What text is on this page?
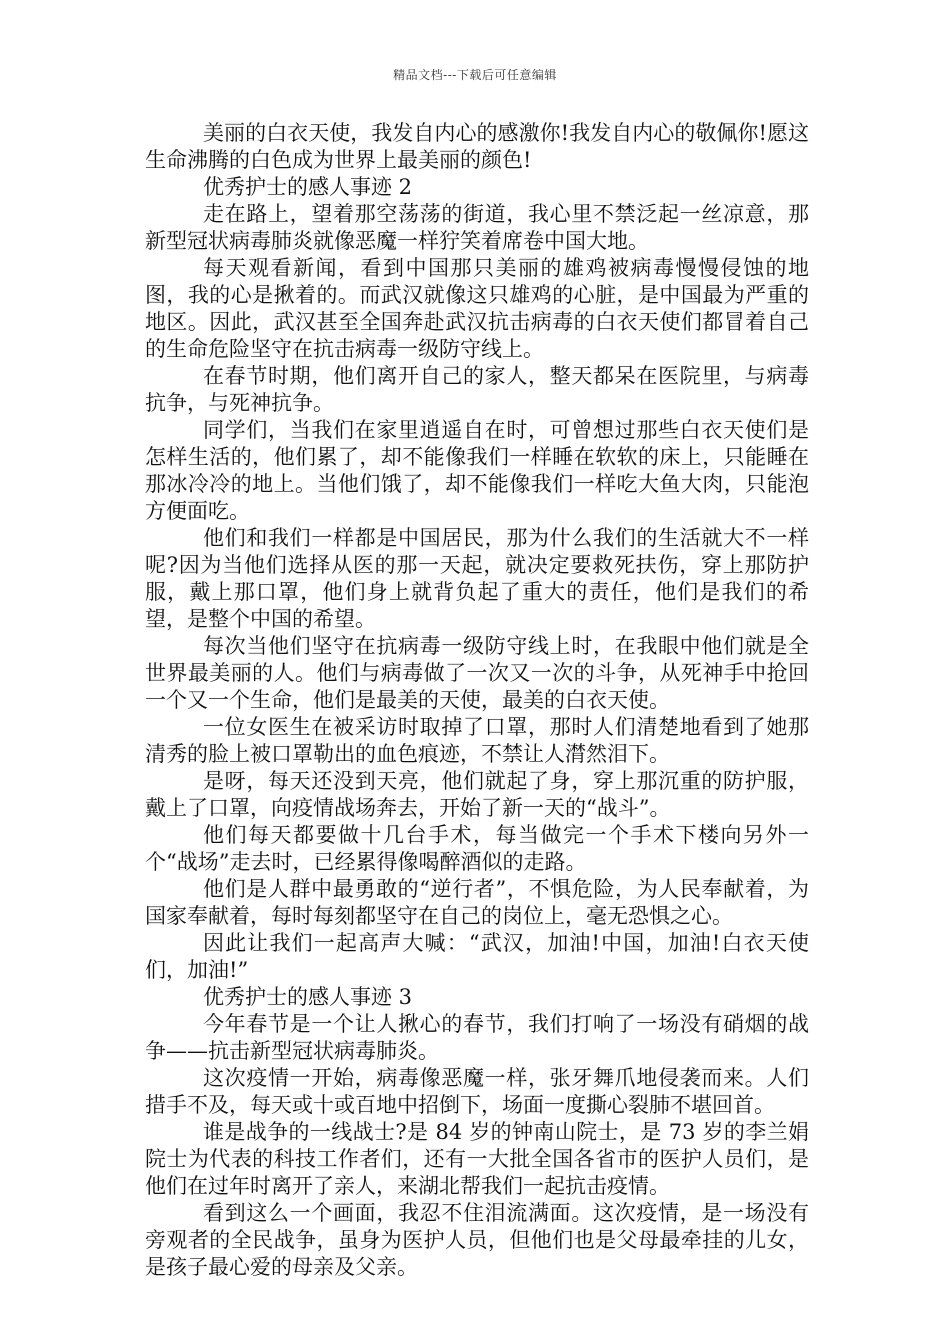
精品文档---下载后可任意编辑

美丽的白衣天使，我发自内心的感激你!我发自内心的敬佩你!愿这生命沸腾的白色成为世界上最美丽的颜色!

优秀护士的感人事迹 2

走在路上，望着那空荡荡的街道，我心里不禁泛起一丝凉意，那新型冠状病毒肺炎就像恶魔一样狞笑着席卷中国大地。

每天观看新闻，看到中国那只美丽的雄鸡被病毒慢慢侵蚀的地图，我的心是揪着的。而武汉就像这只雄鸡的心脏，是中国最为严重的地区。因此，武汉甚至全国奔赴武汉抗击病毒的白衣天使们都冒着自己的生命危险坚守在抗击病毒一级防守线上。

在春节时期，他们离开自己的家人，整天都呆在医院里，与病毒抗争，与死神抗争。

同学们，当我们在家里逍遥自在时，可曾想过那些白衣天使们是怎样生活的，他们累了，却不能像我们一样睡在软软的床上，只能睡在那冰冷冷的地上。当他们饿了，却不能像我们一样吃大鱼大肉，只能泡方便面吃。

他们和我们一样都是中国居民，那为什么我们的生活就大不一样呢?因为当他们选择从医的那一天起，就决定要救死扶伤，穿上那防护服，戴上那口罩，他们身上就背负起了重大的责任，他们是我们的希望，是整个中国的希望。

每次当他们坚守在抗病毒一级防守线上时，在我眼中他们就是全世界最美丽的人。他们与病毒做了一次又一次的斗争，从死神手中抢回一个又一个生命，他们是最美的天使，最美的白衣天使。

一位女医生在被采访时取掉了口罩，那时人们清楚地看到了她那清秀的脸上被口罩勒出的血色痕迹，不禁让人潸然泪下。

是呀，每天还没到天亮，他们就起了身，穿上那沉重的防护服，戴上了口罩，向疫情战场奔去，开始了新一天的“战斗”。

他们每天都要做十几台手术，每当做完一个手术下楼向另外一个“战场”走去时，已经累得像喝醉酒似的走路。

他们是人群中最勇敢的“逆行者”，不惧危险，为人民奉献着，为国家奉献着，每时每刻都坚守在自己的岗位上，毫无恐惧之心。

因此让我们一起高声大喊：“武汉，加油!中国，加油!白衣天使们，加油!”

优秀护士的感人事迹 3

今年春节是一个让人揪心的春节，我们打响了一场没有硝烟的战争——抗击新型冠状病毒肺炎。

这次疫情一开始，病毒像恶魔一样，张牙舞爪地侵袭而来。人们措手不及，每天或十或百地中招倒下，场面一度撕心裂肺不堪回首。

谁是战争的一线战士?是 84 岁的钟南山院士，是 73 岁的李兰娟院士为代表的科技工作者们，还有一大批全国各省市的医护人员们，是他们在过年时离开了亲人，来湖北帮我们一起抗击疫情。

看到这么一个画面，我忍不住泪流满面。这次疫情，是一场没有旁观者的全民战争，虽身为医护人员，但他们也是父母最牵挂的儿女，是孩子最心爱的母亲及父亲。
